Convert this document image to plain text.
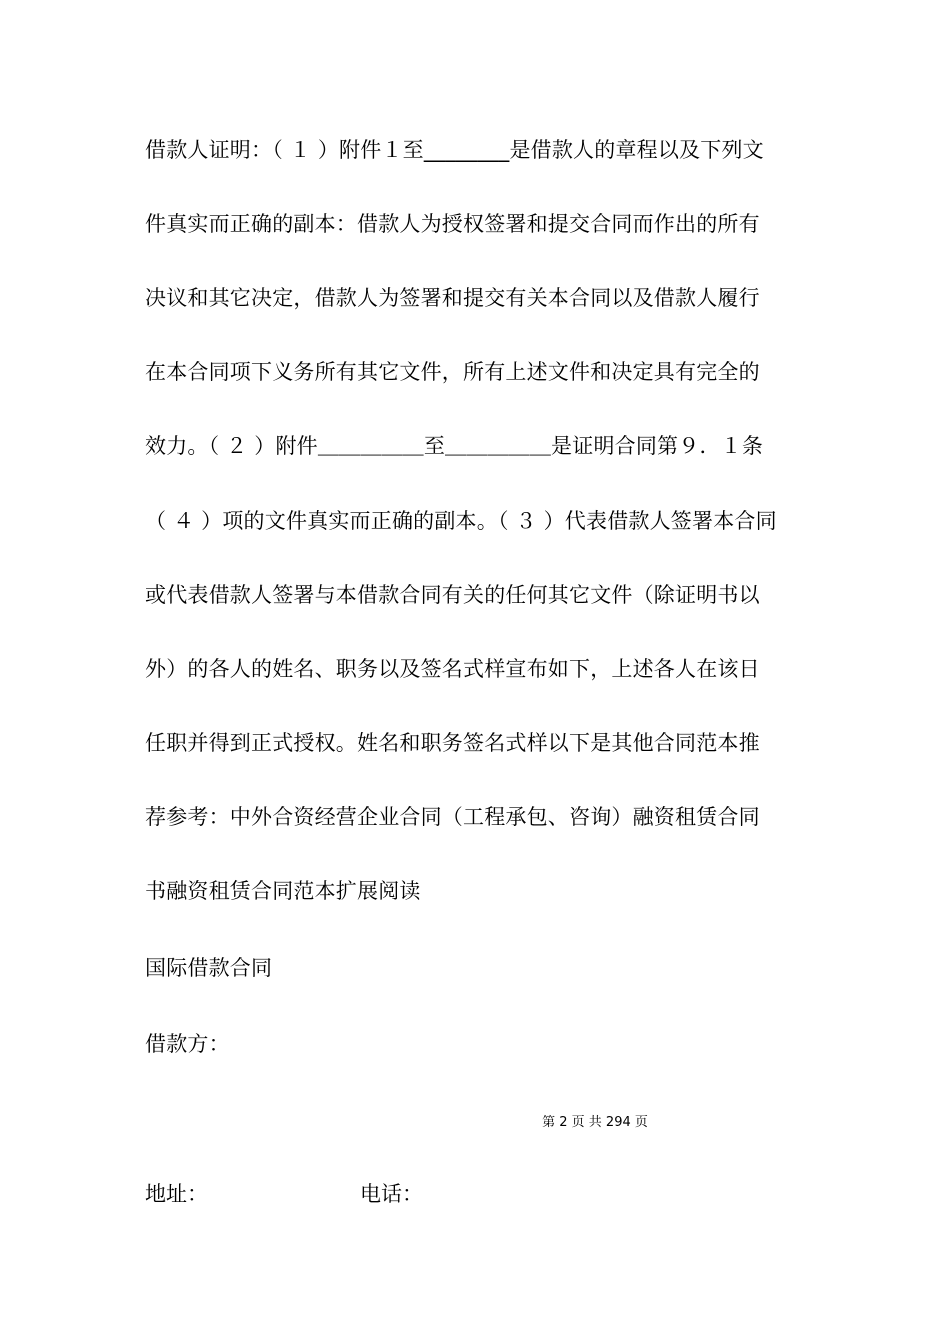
借款人证明：（ １ ）附件１至________是借款人的章程以及下列文
件真实而正确的副本：借款人为授权签署和提交合同而作出的所有
决议和其它决定，借款人为签署和提交有关本合同以及借款人履行
在本合同项下义务所有其它文件，所有上述文件和决定具有完全的
效力。（ ２ ）附件＿＿＿＿＿至＿＿＿＿＿是证明合同第９．１条
（ ４ ）项的文件真实而正确的副本。（ ３ ）代表借款人签署本合同
或代表借款人签署与本借款合同有关的任何其它文件（除证明书以
外）的各人的姓名、职务以及签名式样宣布如下，上述各人在该日
任职并得到正式授权。姓名和职务签名式样以下是其他合同范本推
荐参考：中外合资经营企业合同（工程承包、咨询）融资租赁合同
书融资租赁合同范本扩展阅读
国际借款合同
借款方：
第 2 页 共 294 页
地址：	电话：
